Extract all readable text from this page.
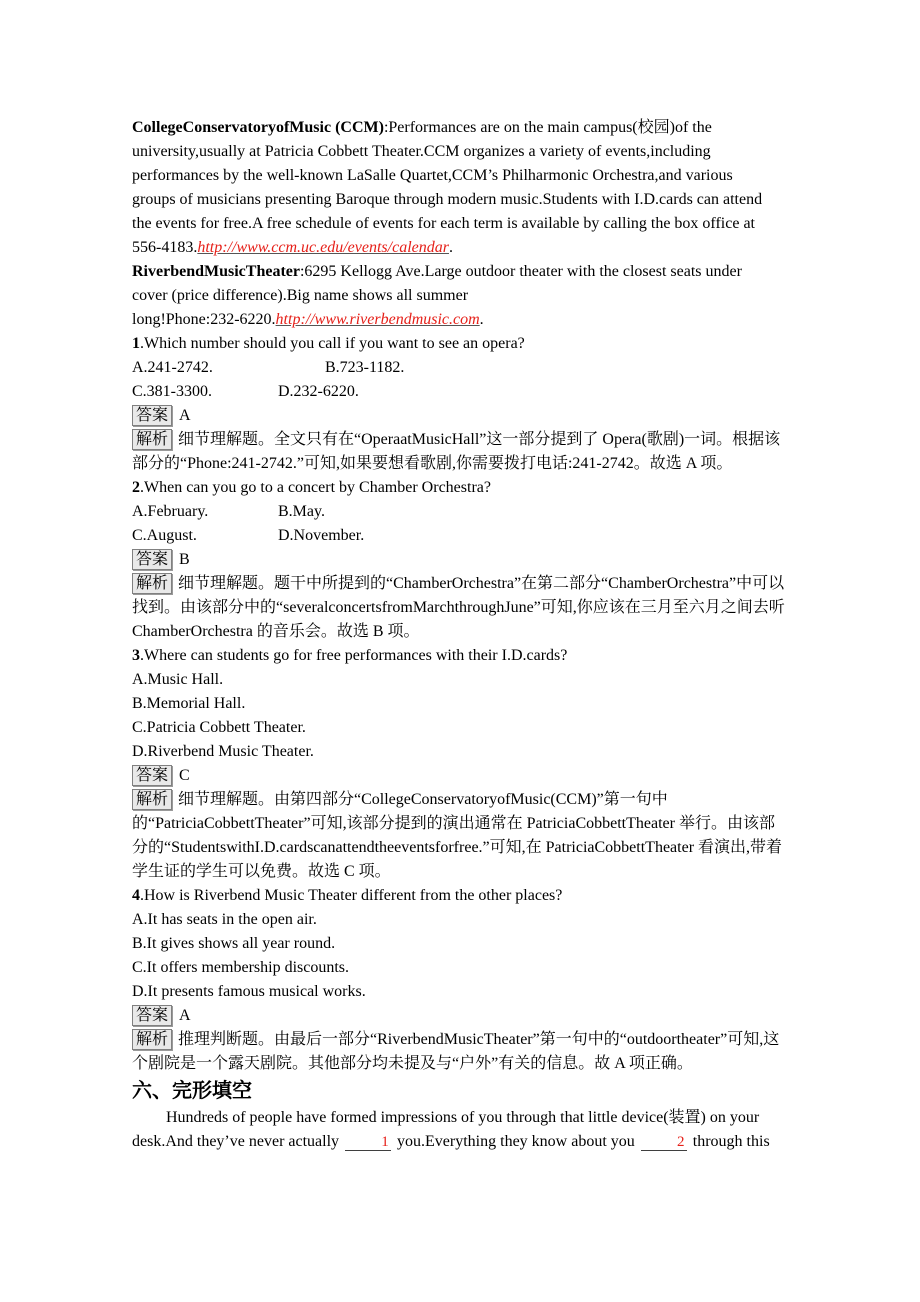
CollegeConservatoryofMusic (CCM):Performances are on the main campus(校园)of the
university,usually at Patricia Cobbett Theater.CCM organizes a variety of events,including
performances by the well-known LaSalle Quartet,CCM’s Philharmonic Orchestra,and various
groups of musicians presenting Baroque through modern music.Students with I.D.cards can attend
the events for free.A free schedule of events for each term is available by calling the box office at
556-4183.http://www.ccm.uc.edu/events/calendar.
RiverbendMusicTheater:6295 Kellogg Ave.Large outdoor theater with the closest seats under
cover (price difference).Big name shows all summer
long!Phone:232-6220.http://www.riverbendmusic.com.
1.Which number should you call if you want to see an opera?
A.241-2742.	B.723-1182.
C.381-3300.	D.232-6220.
答案 A
解析 细节理解题。全文只有在“OperaatMusicHall”这一部分提到了 Opera(歌剧)一词。根据该部分的“Phone:241-2742.”可知,如果要想看歌剧,你需要拨打电话:241-2742。故选 A 项。
2.When can you go to a concert by Chamber Orchestra?
A.February.	B.May.
C.August.	D.November.
答案 B
解析 细节理解题。题干中所提到的“ChamberOrchestra”在第二部分“ChamberOrchestra”中可以找到。由该部分中的“severalconcertsfromMarchthroughJune”可知,你应该在三月至六月之间去听 ChamberOrchestra 的音乐会。故选 B 项。
3.Where can students go for free performances with their I.D.cards?
A.Music Hall.
B.Memorial Hall.
C.Patricia Cobbett Theater.
D.Riverbend Music Theater.
答案 C
解析 细节理解题。由第四部分“CollegeConservatoryofMusic(CCM)”第一句中的“PatriciaCobbettTheater”可知,该部分提到的演出通常在 PatriciaCobbettTheater 举行。由该部分的“StudentswithI.D.cardscanattendtheeventsforfree.”可知,在 PatriciaCobbettTheater 看演出,带着学生证的学生可以免费。故选 C 项。
4.How is Riverbend Music Theater different from the other places?
A.It has seats in the open air.
B.It gives shows all year round.
C.It offers membership discounts.
D.It presents famous musical works.
答案 A
解析 推理判断题。由最后一部分“RiverbendMusicTheater”第一句中的“outdoortheater”可知,这个剧院是一个露天剧院。其他部分均未提及与“户外”有关的信息。故 A 项正确。
六、完形填空

Hundreds of people have formed impressions of you through that little device(装置) on your desk.And they’ve never actually	1 you.Everything they know about you	2 through this
